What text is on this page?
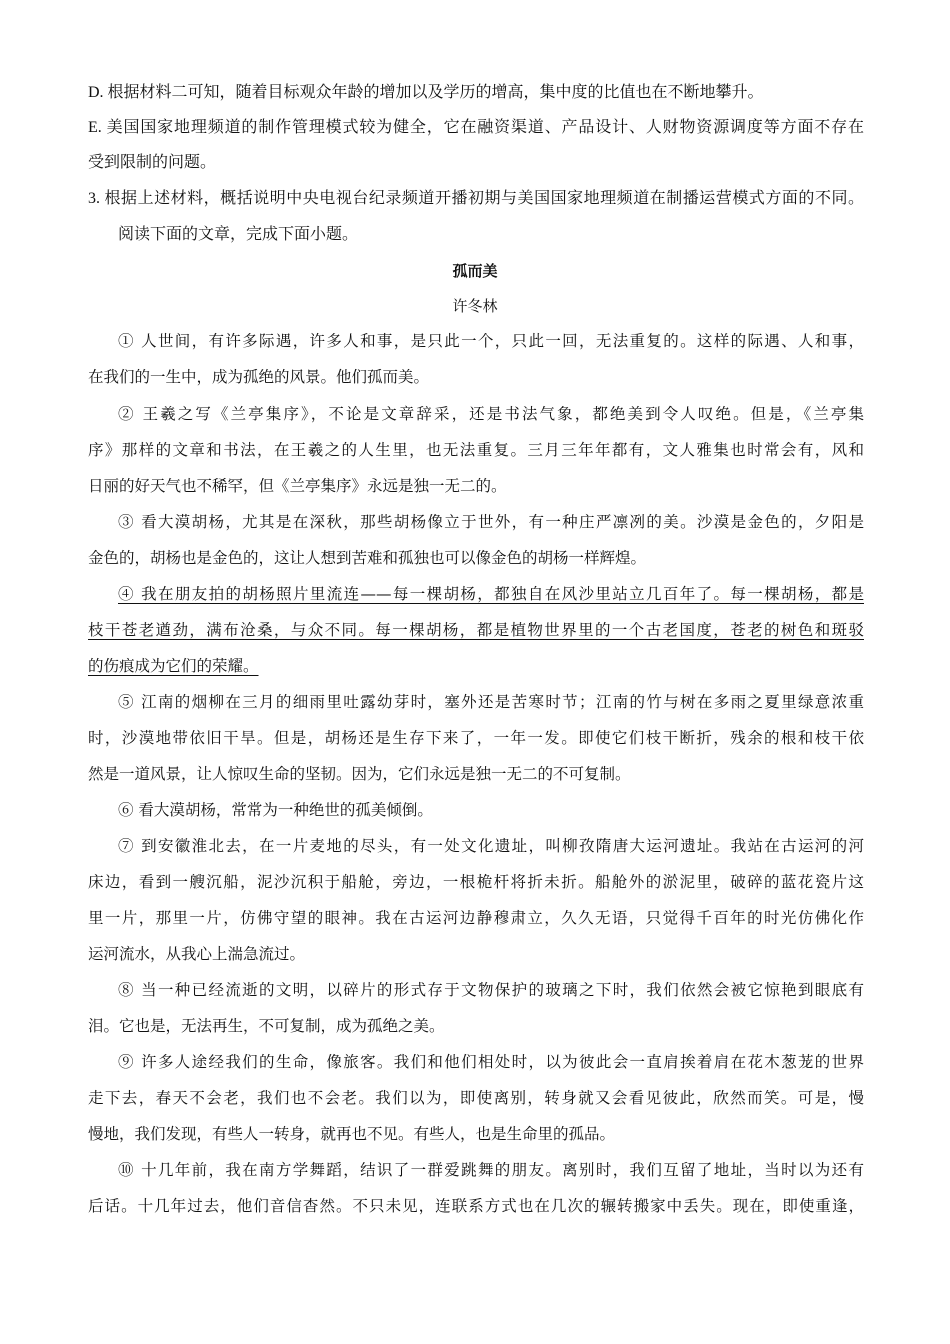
D. 根据材料二可知，随着目标观众年龄的增加以及学历的增高，集中度的比值也在不断地攀升。
E. 美国国家地理频道的制作管理模式较为健全，它在融资渠道、产品设计、人财物资源调度等方面不存在
受到限制的问题。
3. 根据上述材料，概括说明中央电视台纪录频道开播初期与美国国家地理频道在制播运营模式方面的不同。
阅读下面的文章，完成下面小题。
孤而美
许冬林
① 人世间，有许多际遇，许多人和事，是只此一个，只此一回，无法重复的。这样的际遇、人和事，
在我们的一生中，成为孤绝的风景。他们孤而美。
② 王羲之写《兰亭集序》，不论是文章辞采，还是书法气象，都绝美到令人叹绝。但是，《兰亭集
序》那样的文章和书法，在王羲之的人生里，也无法重复。三月三年年都有，文人雅集也时常会有，风和
日丽的好天气也不稀罕，但《兰亭集序》永远是独一无二的。
③ 看大漠胡杨，尤其是在深秋，那些胡杨像立于世外，有一种庄严凛冽的美。沙漠是金色的，夕阳是
金色的，胡杨也是金色的，这让人想到苦难和孤独也可以像金色的胡杨一样辉煌。
④ 我在朋友拍的胡杨照片里流连——每一棵胡杨，都独自在风沙里站立几百年了。每一棵胡杨，都是
枝干苍老遒劲，满布沧桑，与众不同。每一棵胡杨，都是植物世界里的一个古老国度，苍老的树色和斑驳
的伤痕成为它们的荣耀。
⑤ 江南的烟柳在三月的细雨里吐露幼芽时，塞外还是苦寒时节；江南的竹与树在多雨之夏里绿意浓重
时，沙漠地带依旧干旱。但是，胡杨还是生存下来了，一年一发。即使它们枝干断折，残余的根和枝干依
然是一道风景，让人惊叹生命的坚韧。因为，它们永远是独一无二的不可复制。
⑥ 看大漠胡杨，常常为一种绝世的孤美倾倒。
⑦ 到安徽淮北去，在一片麦地的尽头，有一处文化遗址，叫柳孜隋唐大运河遗址。我站在古运河的河
床边，看到一艘沉船，泥沙沉积于船舱，旁边，一根桅杆将折未折。船舱外的淤泥里，破碎的蓝花瓷片这
里一片，那里一片，仿佛守望的眼神。我在古运河边静穆肃立，久久无语，只觉得千百年的时光仿佛化作
运河流水，从我心上湍急流过。
⑧ 当一种已经流逝的文明，以碎片的形式存于文物保护的玻璃之下时，我们依然会被它惊艳到眼底有
泪。它也是，无法再生，不可复制，成为孤绝之美。
⑨ 许多人途经我们的生命，像旅客。我们和他们相处时，以为彼此会一直肩挨着肩在花木葱茏的世界
走下去，春天不会老，我们也不会老。我们以为，即使离别，转身就又会看见彼此，欣然而笑。可是，慢
慢地，我们发现，有些人一转身，就再也不见。有些人，也是生命里的孤品。
⑩ 十几年前，我在南方学舞蹈，结识了一群爱跳舞的朋友。离别时，我们互留了地址，当时以为还有
后话。十几年过去，他们音信杳然。不只未见，连联系方式也在几次的辗转搬家中丢失。现在，即使重逢，
